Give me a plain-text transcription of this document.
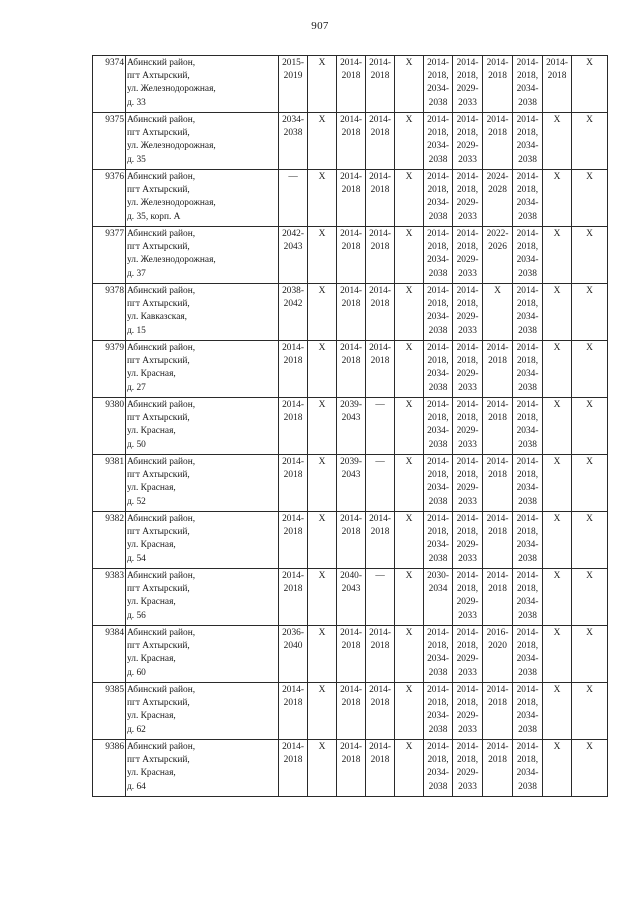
907
9374	Абинский район,
пгт Ахтырский,
ул. Железнодорожная,
д. 33	2015-
2019	Х	2014-
2018	2014-
2018	Х	2014-
2018,
2034-
2038	2014-
2018,
2029-
2033	2014-
2018	2014-
2018,
2034-
2038	2014-
2018	Х

9375	Абинский район,
пгт Ахтырский,
ул. Железнодорожная,
д. 35	2034-
2038	Х	2014-
2018	2014-
2018	Х	2014-
2018,
2034-
2038	2014-
2018,
2029-
2033	2014-
2018	2014-
2018,
2034-
2038	Х	Х

9376	Абинский район,
пгт Ахтырский,
ул. Железнодорожная,
д. 35, корп. А	—	Х	2014-
2018	2014-
2018	Х	2014-
2018,
2034-
2038	2014-
2018,
2029-
2033	2024-
2028	2014-
2018,
2034-
2038	Х	Х

9377	Абинский район,
пгт Ахтырский,
ул. Железнодорожная,
д. 37	2042-
2043	Х	2014-
2018	2014-
2018	Х	2014-
2018,
2034-
2038	2014-
2018,
2029-
2033	2022-
2026	2014-
2018,
2034-
2038	Х	Х

9378	Абинский район,
пгт Ахтырский,
ул. Кавказская,
д. 15	2038-
2042	Х	2014-
2018	2014-
2018	Х	2014-
2018,
2034-
2038	2014-
2018,
2029-
2033	Х	2014-
2018,
2034-
2038	Х	Х

9379	Абинский район,
пгт Ахтырский,
ул. Красная,
д. 27	2014-
2018	Х	2014-
2018	2014-
2018	Х	2014-
2018,
2034-
2038	2014-
2018,
2029-
2033	2014-
2018	2014-
2018,
2034-
2038	Х	Х

9380	Абинский район,
пгт Ахтырский,
ул. Красная,
д. 50	2014-
2018	Х	2039-
2043	—	Х	2014-
2018,
2034-
2038	2014-
2018,
2029-
2033	2014-
2018	2014-
2018,
2034-
2038	Х	Х

9381	Абинский район,
пгт Ахтырский,
ул. Красная,
д. 52	2014-
2018	Х	2039-
2043	—	Х	2014-
2018,
2034-
2038	2014-
2018,
2029-
2033	2014-
2018	2014-
2018,
2034-
2038	Х	Х

9382	Абинский район,
пгт Ахтырский,
ул. Красная,
д. 54	2014-
2018	Х	2014-
2018	2014-
2018	Х	2014-
2018,
2034-
2038	2014-
2018,
2029-
2033	2014-
2018	2014-
2018,
2034-
2038	Х	Х

9383	Абинский район,
пгт Ахтырский,
ул. Красная,
д. 56	2014-
2018	Х	2040-
2043	—	Х	2030-
2034	2014-
2018,
2029-
2033	2014-
2018	2014-
2018,
2034-
2038	Х	Х

9384	Абинский район,
пгт Ахтырский,
ул. Красная,
д. 60	2036-
2040	Х	2014-
2018	2014-
2018	Х	2014-
2018,
2034-
2038	2014-
2018,
2029-
2033	2016-
2020	2014-
2018,
2034-
2038	Х	Х

9385	Абинский район,
пгт Ахтырский,
ул. Красная,
д. 62	2014-
2018	Х	2014-
2018	2014-
2018	Х	2014-
2018,
2034-
2038	2014-
2018,
2029-
2033	2014-
2018	2014-
2018,
2034-
2038	Х	Х

9386	Абинский район,
пгт Ахтырский,
ул. Красная,
д. 64	2014-
2018	Х	2014-
2018	2014-
2018	Х	2014-
2018,
2034-
2038	2014-
2018,
2029-
2033	2014-
2018	2014-
2018,
2034-
2038	Х	Х
